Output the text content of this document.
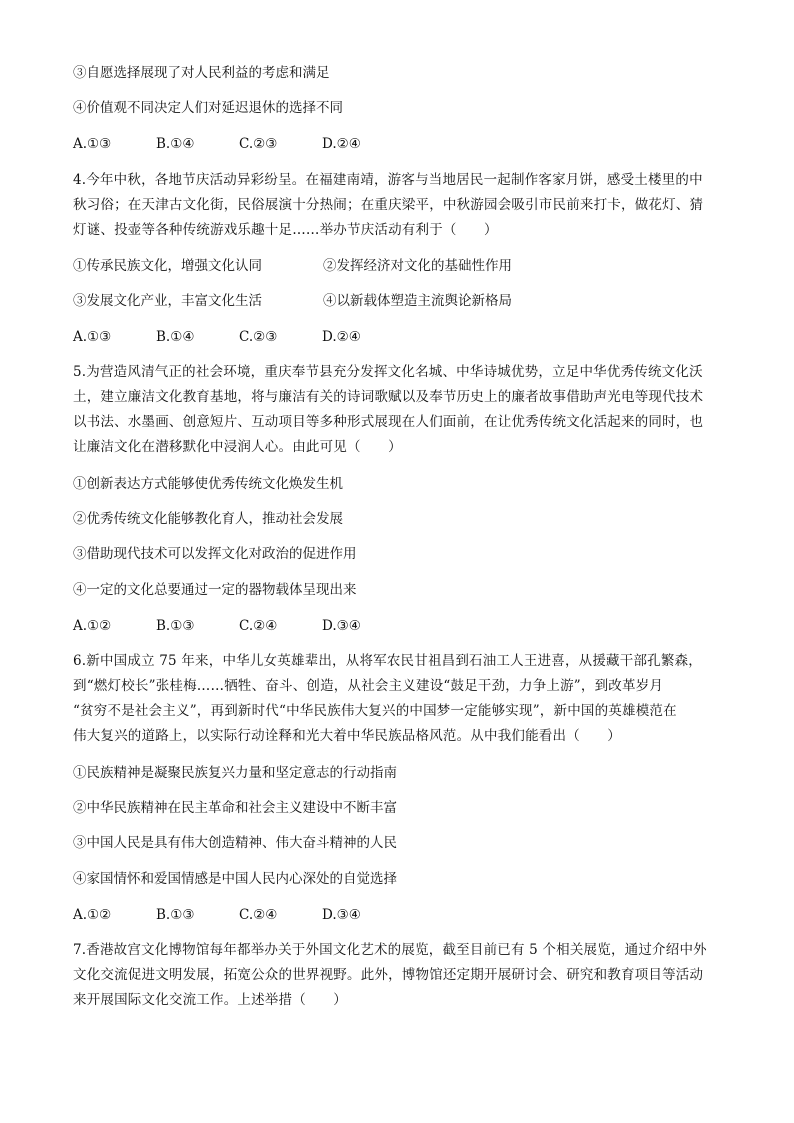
③自愿选择展现了对人民利益的考虑和满足
④价值观不同决定人们对延迟退休的选择不同
A.①③	B.①④	C.②③	D.②④
4.今年中秋，各地节庆活动异彩纷呈。在福建南靖，游客与当地居民一起制作客家月饼，感受土楼里的中
秋习俗；在天津古文化街，民俗展演十分热闹；在重庆梁平，中秋游园会吸引市民前来打卡，做花灯、猜
灯谜、投壶等各种传统游戏乐趣十足……举办节庆活动有利于（　　）
①传承民族文化，增强文化认同	②发挥经济对文化的基础性作用
③发展文化产业，丰富文化生活	④以新载体塑造主流舆论新格局
A.①③	B.①④	C.②③	D.②④
5.为营造风清气正的社会环境，重庆奉节县充分发挥文化名城、中华诗城优势，立足中华优秀传统文化沃
土，建立廉洁文化教育基地，将与廉洁有关的诗词歌赋以及奉节历史上的廉者故事借助声光电等现代技术
以书法、水墨画、创意短片、互动项目等多种形式展现在人们面前，在让优秀传统文化活起来的同时，也
让廉洁文化在潜移默化中浸润人心。由此可见（　　）
①创新表达方式能够使优秀传统文化焕发生机
②优秀传统文化能够教化育人，推动社会发展
③借助现代技术可以发挥文化对政治的促进作用
④一定的文化总要通过一定的器物载体呈现出来
A.①②	B.①③	C.②④	D.③④
6.新中国成立 75 年来，中华儿女英雄辈出，从将军农民甘祖昌到石油工人王进喜，从援藏干部孔繁森，
到“燃灯校长”张桂梅……牺牲、奋斗、创造，从社会主义建设“鼓足干劲，力争上游”，到改革岁月
“贫穷不是社会主义”，再到新时代“中华民族伟大复兴的中国梦一定能够实现”，新中国的英雄模范在
伟大复兴的道路上，以实际行动诠释和光大着中华民族品格风范。从中我们能看出（　　）
①民族精神是凝聚民族复兴力量和坚定意志的行动指南
②中华民族精神在民主革命和社会主义建设中不断丰富
③中国人民是具有伟大创造精神、伟大奋斗精神的人民
④家国情怀和爱国情感是中国人民内心深处的自觉选择
A.①②	B.①③	C.②④	D.③④
7.香港故宫文化博物馆每年都举办关于外国文化艺术的展览，截至目前已有 5 个相关展览，通过介绍中外
文化交流促进文明发展，拓宽公众的世界视野。此外，博物馆还定期开展研讨会、研究和教育项目等活动
来开展国际文化交流工作。上述举措（　　）
